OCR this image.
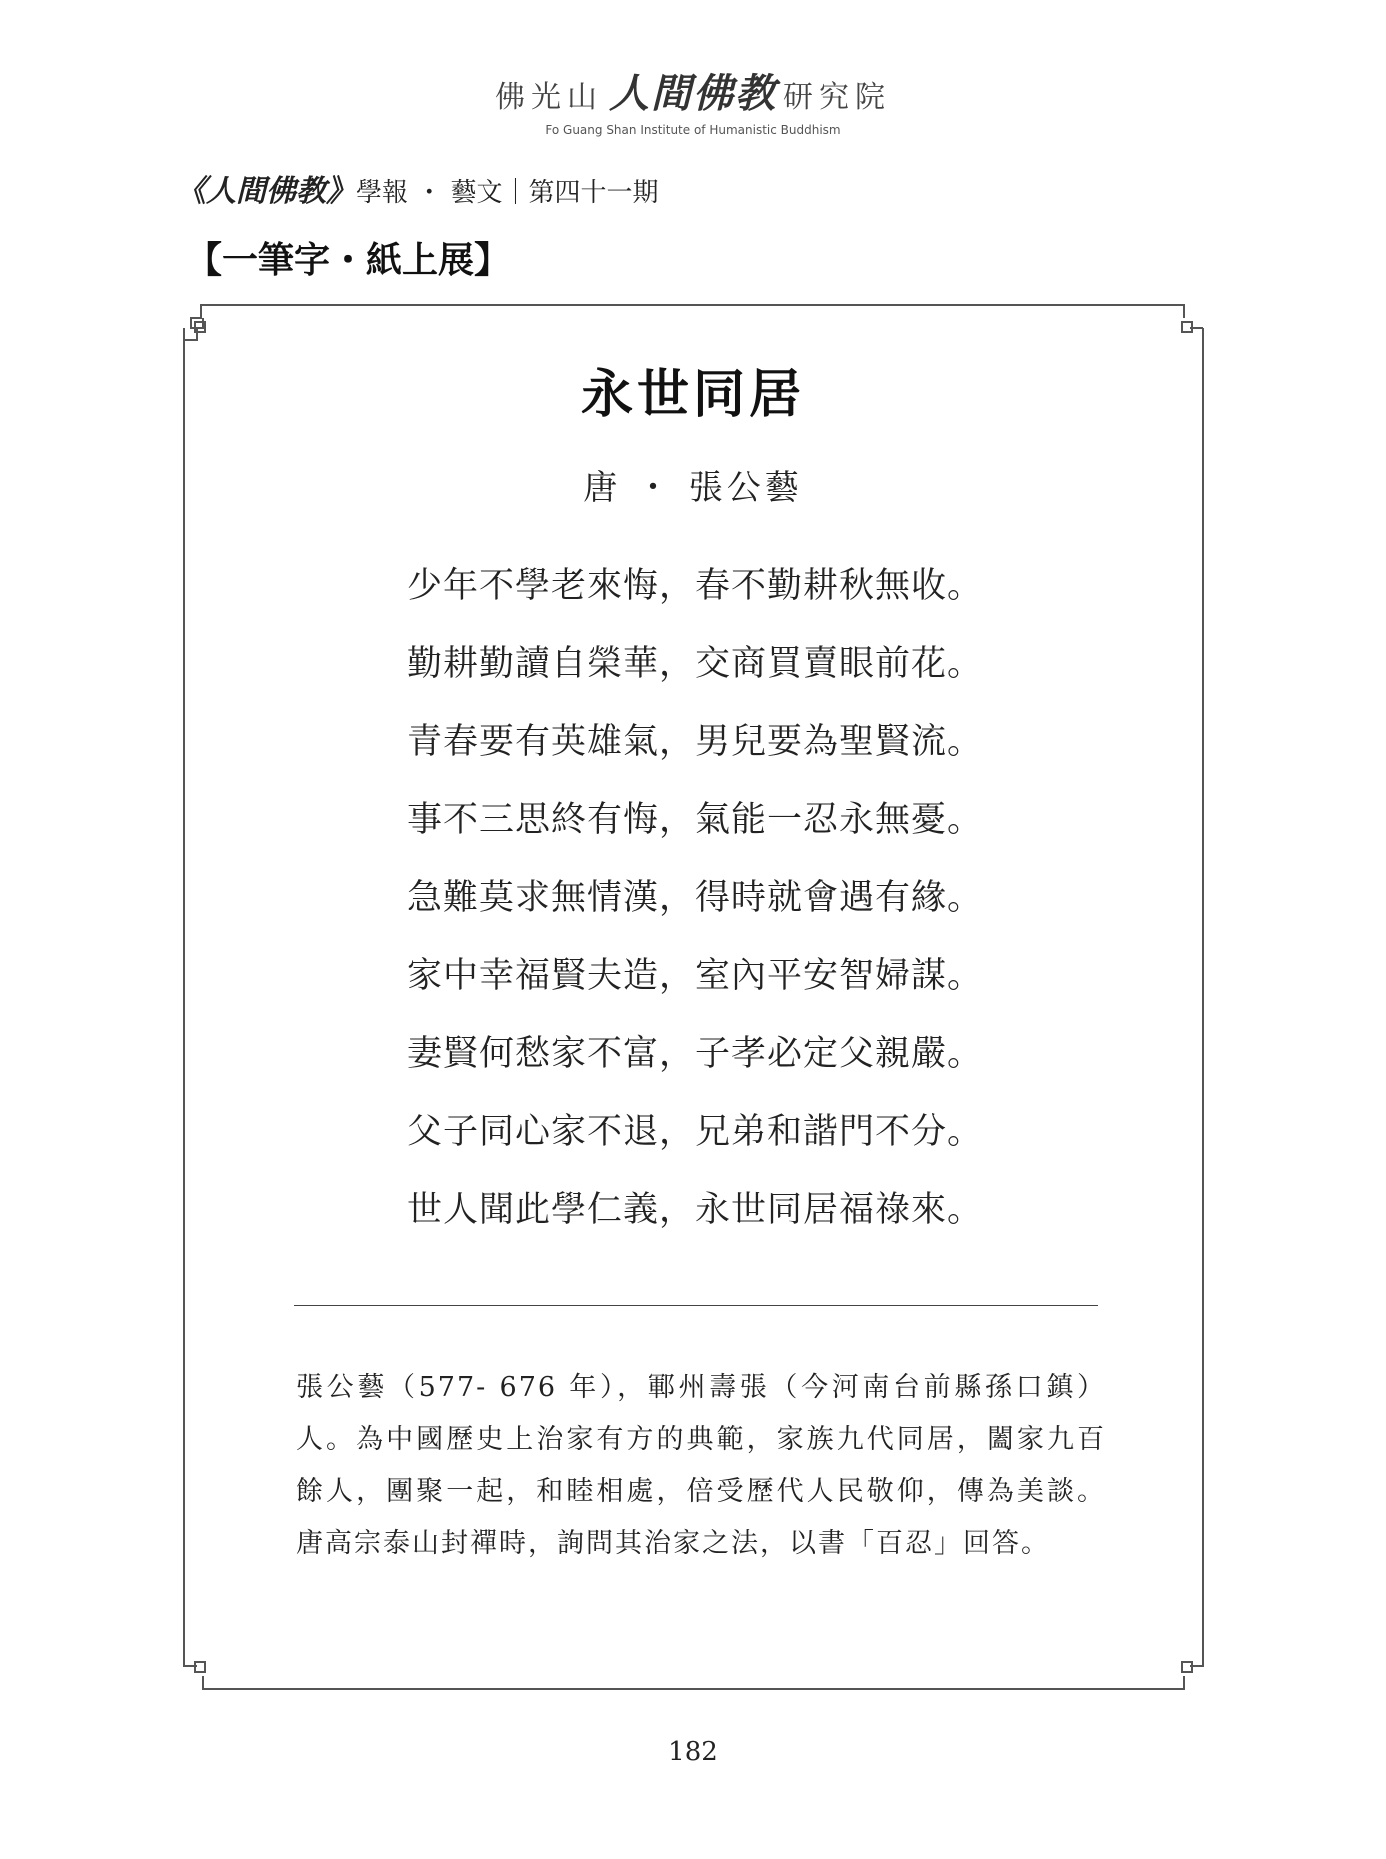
佛光山 人間佛教 研究院
Fo Guang Shan Institute of Humanistic Buddhism
《人間佛教》學報 ・ 藝文｜第四十一期
【一筆字・紙上展】
永世同居
唐 ・ 張公藝
少年不學老來悔，春不勤耕秋無收。
勤耕勤讀自榮華，交商買賣眼前花。
青春要有英雄氣，男兒要為聖賢流。
事不三思終有悔，氣能一忍永無憂。
急難莫求無情漢，得時就會遇有緣。
家中幸福賢夫造，室內平安智婦謀。
妻賢何愁家不富，子孝必定父親嚴。
父子同心家不退，兄弟和諧門不分。
世人聞此學仁義，永世同居福祿來。
張公藝（577- 676 年），鄆州壽張（今河南台前縣孫口鎮）人。為中國歷史上治家有方的典範，家族九代同居，闔家九百餘人，團聚一起，和睦相處，倍受歷代人民敬仰，傳為美談。唐高宗泰山封禪時，詢問其治家之法，以書「百忍」回答。
182
